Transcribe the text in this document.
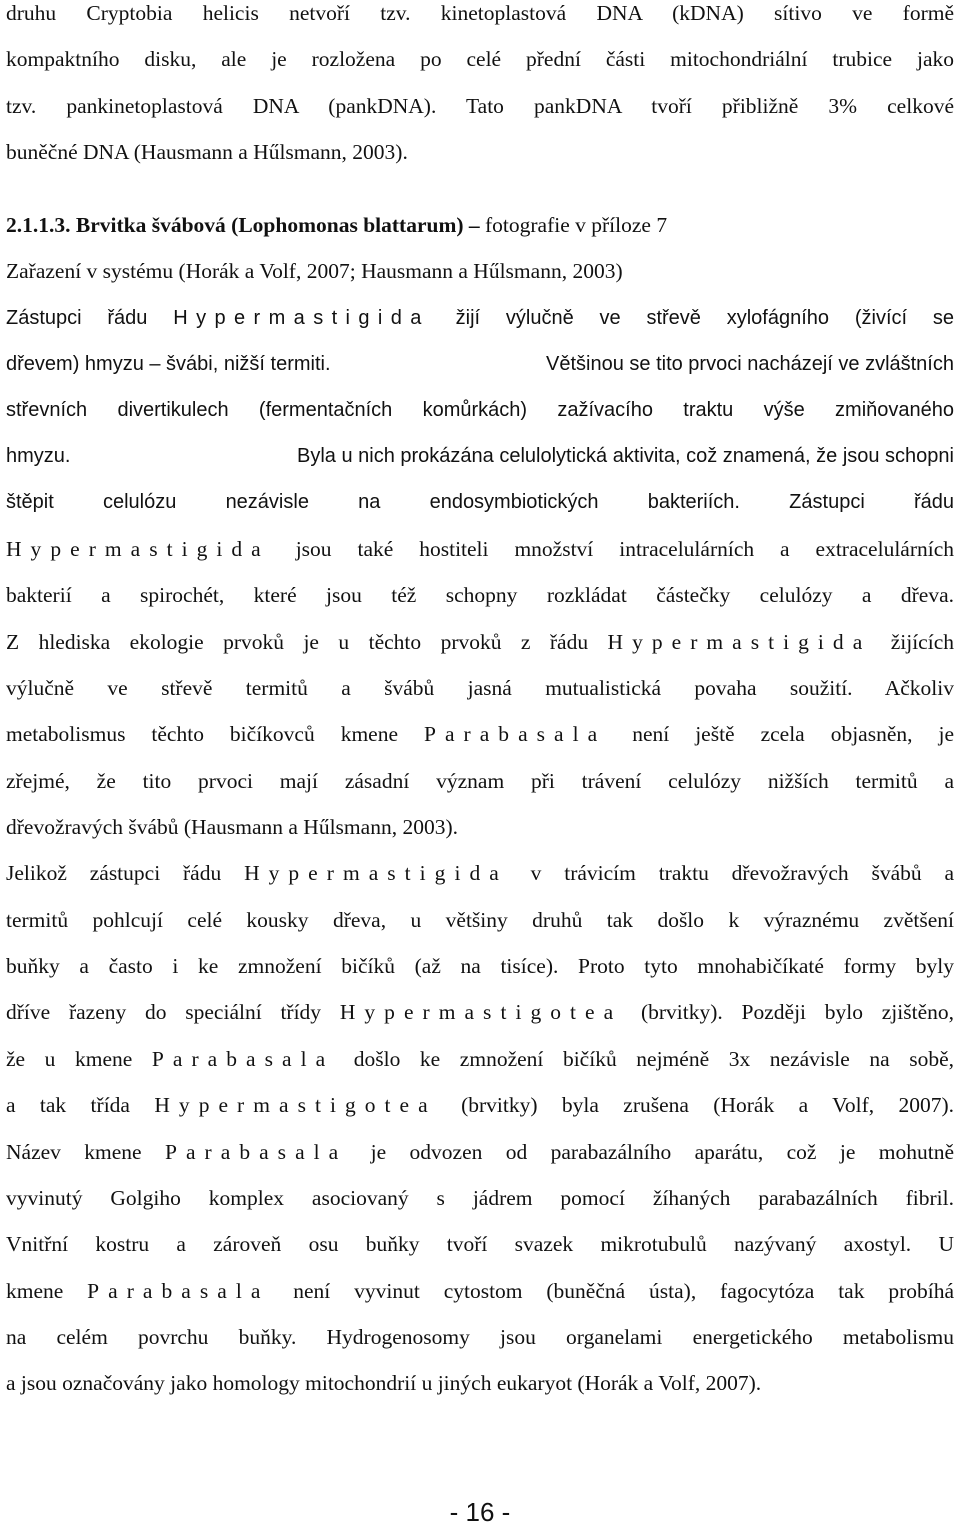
druhu Cryptobia helicis netvoří tzv. kinetoplastová DNA (kDNA) sítivo ve formě
kompaktního disku, ale je rozložena po celé přední části mitochondriální trubice jako
tzv. pankinetoplastová DNA (pankDNA). Tato pankDNA tvoří přibližně 3% celkové
buněčné DNA (Hausmann a Hűlsmann, 2003).
2.1.1.3. Brvitka švábová (Lophomonas blattarum) – fotografie v příloze 7
Zařazení v systému (Horák a Volf, 2007; Hausmann a Hűlsmann, 2003)
Zástupci řádu Hypermastigida žijí výlučně ve střevě xylofágního (živící se
dřevem) hmyzu – švábi, nižší termiti.	Většinou se tito prvoci nacházejí ve zvláštních
střevních divertikulech (fermentačních komůrkách) zažívacího traktu výše zmiňovaného
hmyzu.	Byla u nich prokázána celulolytická aktivita, což znamená, že jsou schopni
štěpit celulózu nezávisle na endosymbiotických bakteriích. Zástupci řádu
Hypermastigida jsou také hostiteli množství intracelulárních a extracelulárních
bakterií a spirochét, které jsou též schopny rozkládat částečky celulózy a dřeva.
Z hlediska ekologie prvoků je u těchto prvoků z řádu Hypermastigida žijících
výlučně ve střevě termitů a švábů jasná mutualistická povaha soužití. Ačkoliv
metabolismus těchto bičíkovců kmene Parabasala není ještě zcela objasněn, je
zřejmé, že tito prvoci mají zásadní význam při trávení celulózy nižších termitů a
dřevožravých švábů (Hausmann a Hűlsmann, 2003).
Jelikož zástupci řádu Hypermastigida v trávicím traktu dřevožravých švábů a
termitů pohlcují celé kousky dřeva, u většiny druhů tak došlo k výraznému zvětšení
buňky a často i ke zmnožení bičíků (až na tisíce). Proto tyto mnohabičíkaté formy byly
dříve řazeny do speciální třídy Hypermastigotea (brvitky). Později bylo zjištěno,
že u kmene Parabasala došlo ke zmnožení bičíků nejméně 3x nezávisle na sobě,
a tak třída Hypermastigotea (brvitky) byla zrušena (Horák a Volf, 2007).
Název kmene Parabasala je odvozen od parabazálního aparátu, což je mohutně
vyvinutý Golgiho komplex asociovaný s jádrem pomocí žíhaných parabazálních fibril.
Vnitřní kostru a zároveň osu buňky tvoří svazek mikrotubulů nazývaný axostyl. U
kmene Parabasala není vyvinut cytostom (buněčná ústa), fagocytóza tak probíhá
na celém povrchu buňky. Hydrogenosomy jsou organelami energetického metabolismu
a jsou označovány jako homology mitochondrií u jiných eukaryot (Horák a Volf, 2007).
- 16 -
